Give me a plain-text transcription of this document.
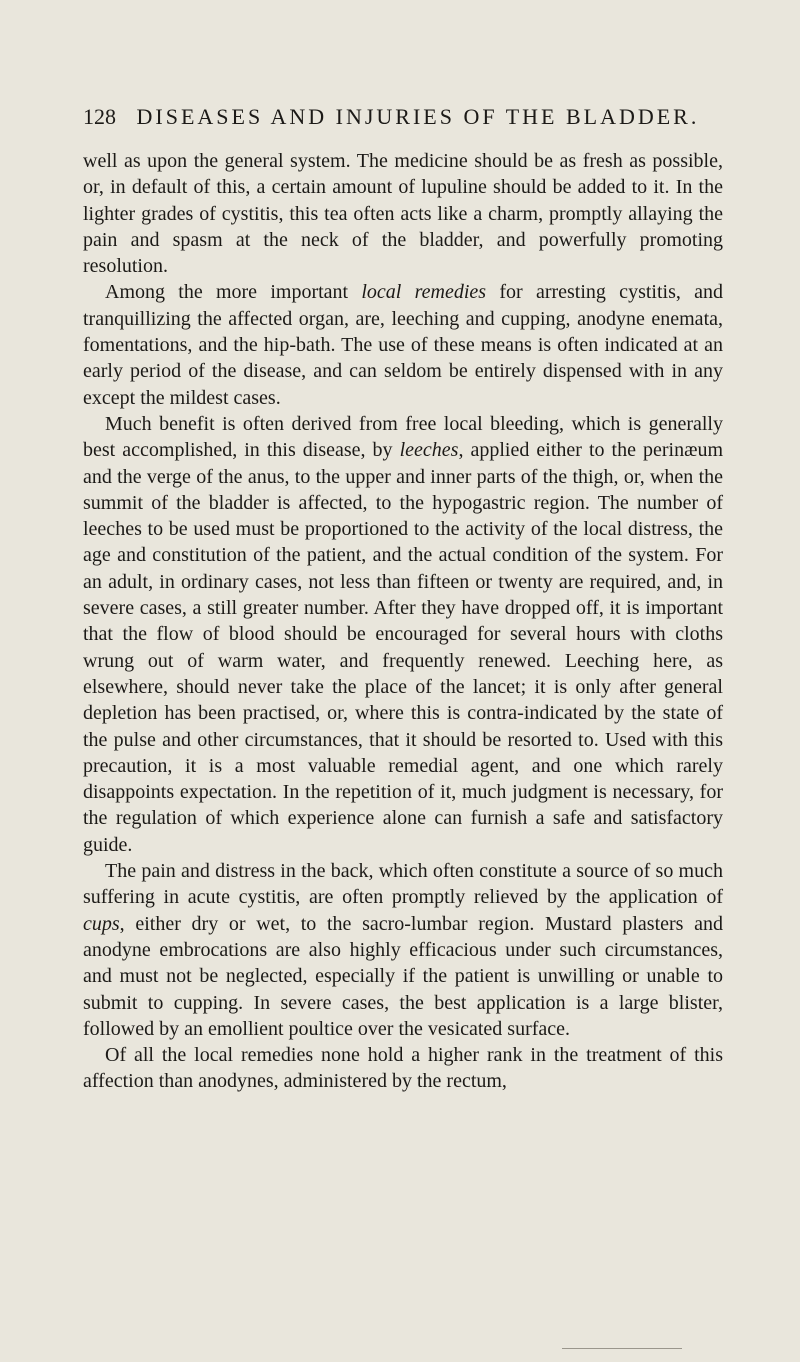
128 DISEASES AND INJURIES OF THE BLADDER.

well as upon the general system. The medicine should be as fresh as possible, or, in default of this, a certain amount of lupuline should be added to it. In the lighter grades of cystitis, this tea often acts like a charm, promptly allaying the pain and spasm at the neck of the bladder, and powerfully promoting resolution.

Among the more important local remedies for arresting cystitis, and tranquillizing the affected organ, are, leeching and cupping, anodyne enemata, fomentations, and the hip-bath. The use of these means is often indicated at an early period of the disease, and can seldom be entirely dispensed with in any except the mildest cases.

Much benefit is often derived from free local bleeding, which is generally best accomplished, in this disease, by leeches, applied either to the perinæum and the verge of the anus, to the upper and inner parts of the thigh, or, when the summit of the bladder is affected, to the hypogastric region. The number of leeches to be used must be proportioned to the activity of the local distress, the age and constitution of the patient, and the actual condition of the system. For an adult, in ordinary cases, not less than fifteen or twenty are required, and, in severe cases, a still greater number. After they have dropped off, it is important that the flow of blood should be encouraged for several hours with cloths wrung out of warm water, and frequently renewed. Leeching here, as elsewhere, should never take the place of the lancet; it is only after general depletion has been practised, or, where this is contra-indicated by the state of the pulse and other circumstances, that it should be resorted to. Used with this precaution, it is a most valuable remedial agent, and one which rarely disappoints expectation. In the repetition of it, much judgment is necessary, for the regulation of which experience alone can furnish a safe and satisfactory guide.

The pain and distress in the back, which often constitute a source of so much suffering in acute cystitis, are often promptly relieved by the application of cups, either dry or wet, to the sacro-lumbar region. Mustard plasters and anodyne embrocations are also highly efficacious under such circumstances, and must not be neglected, especially if the patient is unwilling or unable to submit to cupping. In severe cases, the best application is a large blister, followed by an emollient poultice over the vesicated surface.

Of all the local remedies none hold a higher rank in the treatment of this affection than anodynes, administered by the rectum,
